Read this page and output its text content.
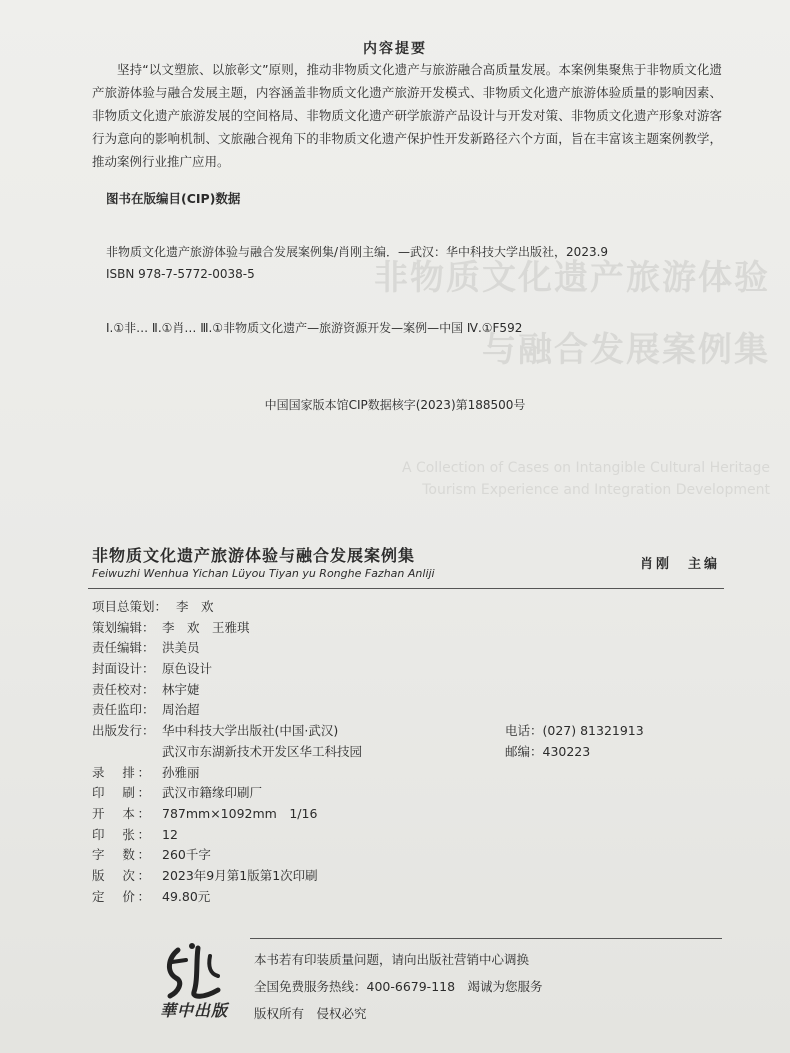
非物质文化遗产旅游体验
与融合发展案例集
A Collection of Cases on Intangible Cultural Heritage
Tourism Experience and Integration Development
内容提要
坚持“以文塑旅、以旅彰文”原则，推动非物质文化遗产与旅游融合高质量发展。本案例集聚焦于非物质文化遗产旅游体验与融合发展主题，内容涵盖非物质文化遗产旅游开发模式、非物质文化遗产旅游体验质量的影响因素、非物质文化遗产旅游发展的空间格局、非物质文化遗产研学旅游产品设计与开发对策、非物质文化遗产形象对游客行为意向的影响机制、文旅融合视角下的非物质文化遗产保护性开发新路径六个方面，旨在丰富该主题案例教学，推动案例行业推广应用。
图书在版编目(CIP)数据
非物质文化遗产旅游体验与融合发展案例集/肖刚主编．—武汉：华中科技大学出版社，2023.9
ISBN 978-7-5772-0038-5
Ⅰ.①非… Ⅱ.①肖… Ⅲ.①非物质文化遗产—旅游资源开发—案例—中国 Ⅳ.①F592
中国国家版本馆CIP数据核字(2023)第188500号
非物质文化遗产旅游体验与融合发展案例集
Feiwuzhi Wenhua Yichan Lüyou Tiyan yu Ronghe Fazhan Anliji
肖刚　主编
项目总策划： 李　欢
策划编辑： 李　欢　王雅琪
责任编辑： 洪美员
封面设计： 原色设计
责任校对： 林宇婕
责任监印： 周治超
出版发行： 华中科技大学出版社(中国·武汉)	电话：(027) 81321913
武汉市东湖新技术开发区华工科技园	邮编：430223
录　排： 孙雅丽
印　刷： 武汉市籍缘印刷厂
开　本： 787mm×1092mm　1/16
印　张： 12
字　数： 260千字
版　次： 2023年9月第1版第1次印刷
定　价： 49.80元
華中出版
本书若有印装质量问题，请向出版社营销中心调换
全国免费服务热线：400-6679-118　竭诚为您服务
版权所有　侵权必究
